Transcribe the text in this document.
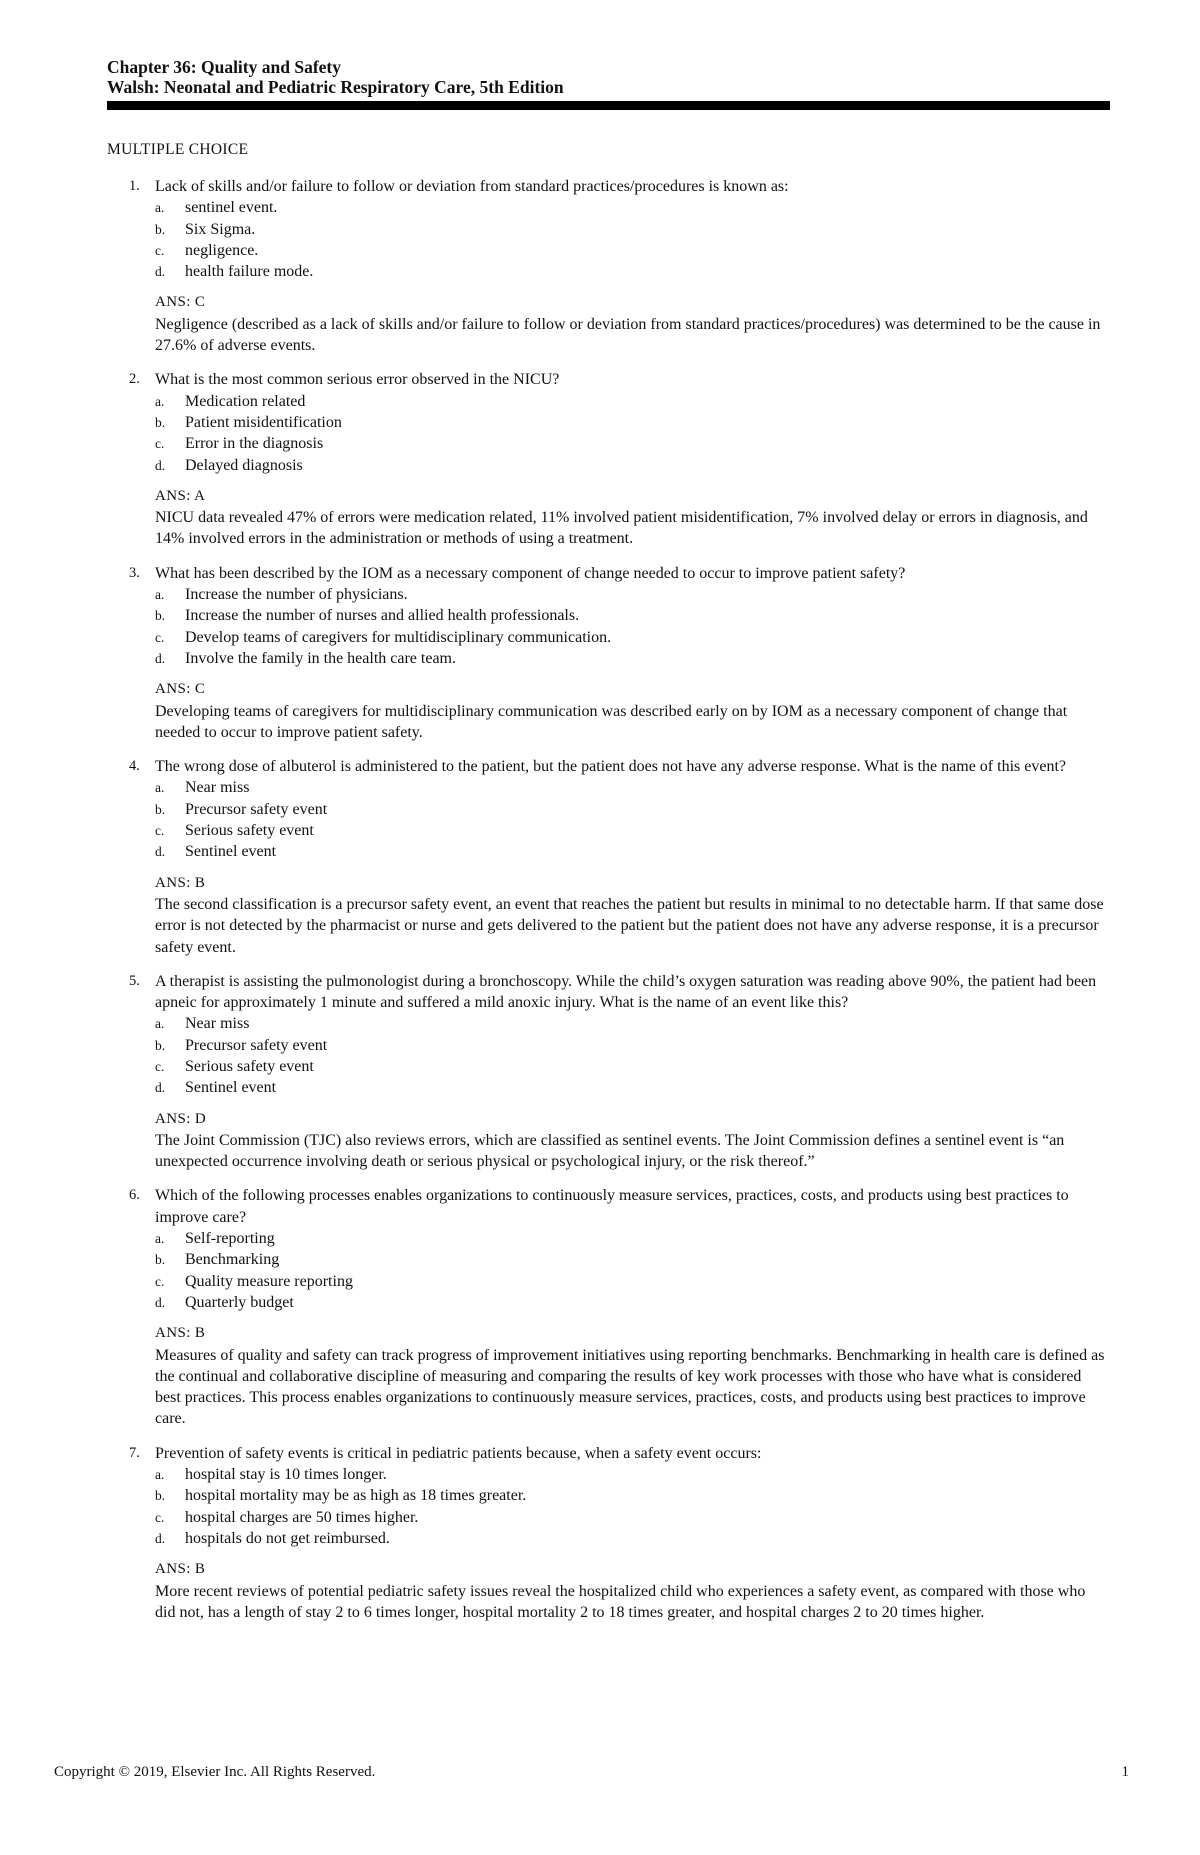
Chapter 36: Quality and Safety

Walsh: Neonatal and Pediatric Respiratory Care, 5th Edition

MULTIPLE CHOICE
1. Lack of skills and/or failure to follow or deviation from standard practices/procedures is known as:
a. sentinel event.
b. Six Sigma.
c. negligence.
d. health failure mode.
ANS: C
Negligence (described as a lack of skills and/or failure to follow or deviation from standard practices/procedures) was determined to be the cause in 27.6% of adverse events.
2. What is the most common serious error observed in the NICU?
a. Medication related
b. Patient misidentification
c. Error in the diagnosis
d. Delayed diagnosis
ANS: A
NICU data revealed 47% of errors were medication related, 11% involved patient misidentification, 7% involved delay or errors in diagnosis, and 14% involved errors in the administration or methods of using a treatment.
3. What has been described by the IOM as a necessary component of change needed to occur to improve patient safety?
a. Increase the number of physicians.
b. Increase the number of nurses and allied health professionals.
c. Develop teams of caregivers for multidisciplinary communication.
d. Involve the family in the health care team.
ANS: C
Developing teams of caregivers for multidisciplinary communication was described early on by IOM as a necessary component of change that needed to occur to improve patient safety.
4. The wrong dose of albuterol is administered to the patient, but the patient does not have any adverse response. What is the name of this event?
a. Near miss
b. Precursor safety event
c. Serious safety event
d. Sentinel event
ANS: B
The second classification is a precursor safety event, an event that reaches the patient but results in minimal to no detectable harm. If that same dose error is not detected by the pharmacist or nurse and gets delivered to the patient but the patient does not have any adverse response, it is a precursor safety event.
5. A therapist is assisting the pulmonologist during a bronchoscopy. While the child’s oxygen saturation was reading above 90%, the patient had been apneic for approximately 1 minute and suffered a mild anoxic injury. What is the name of an event like this?
a. Near miss
b. Precursor safety event
c. Serious safety event
d. Sentinel event
ANS: D
The Joint Commission (TJC) also reviews errors, which are classified as sentinel events. The Joint Commission defines a sentinel event is “an unexpected occurrence involving death or serious physical or psychological injury, or the risk thereof.”
6. Which of the following processes enables organizations to continuously measure services, practices, costs, and products using best practices to improve care?
a. Self-reporting
b. Benchmarking
c. Quality measure reporting
d. Quarterly budget
ANS: B
Measures of quality and safety can track progress of improvement initiatives using reporting benchmarks. Benchmarking in health care is defined as the continual and collaborative discipline of measuring and comparing the results of key work processes with those who have what is considered best practices. This process enables organizations to continuously measure services, practices, costs, and products using best practices to improve care.
7. Prevention of safety events is critical in pediatric patients because, when a safety event occurs:
a. hospital stay is 10 times longer.
b. hospital mortality may be as high as 18 times greater.
c. hospital charges are 50 times higher.
d. hospitals do not get reimbursed.
ANS: B
More recent reviews of potential pediatric safety issues reveal the hospitalized child who experiences a safety event, as compared with those who did not, has a length of stay 2 to 6 times longer, hospital mortality 2 to 18 times greater, and hospital charges 2 to 20 times higher.
Copyright © 2019, Elsevier Inc. All Rights Reserved.	1
